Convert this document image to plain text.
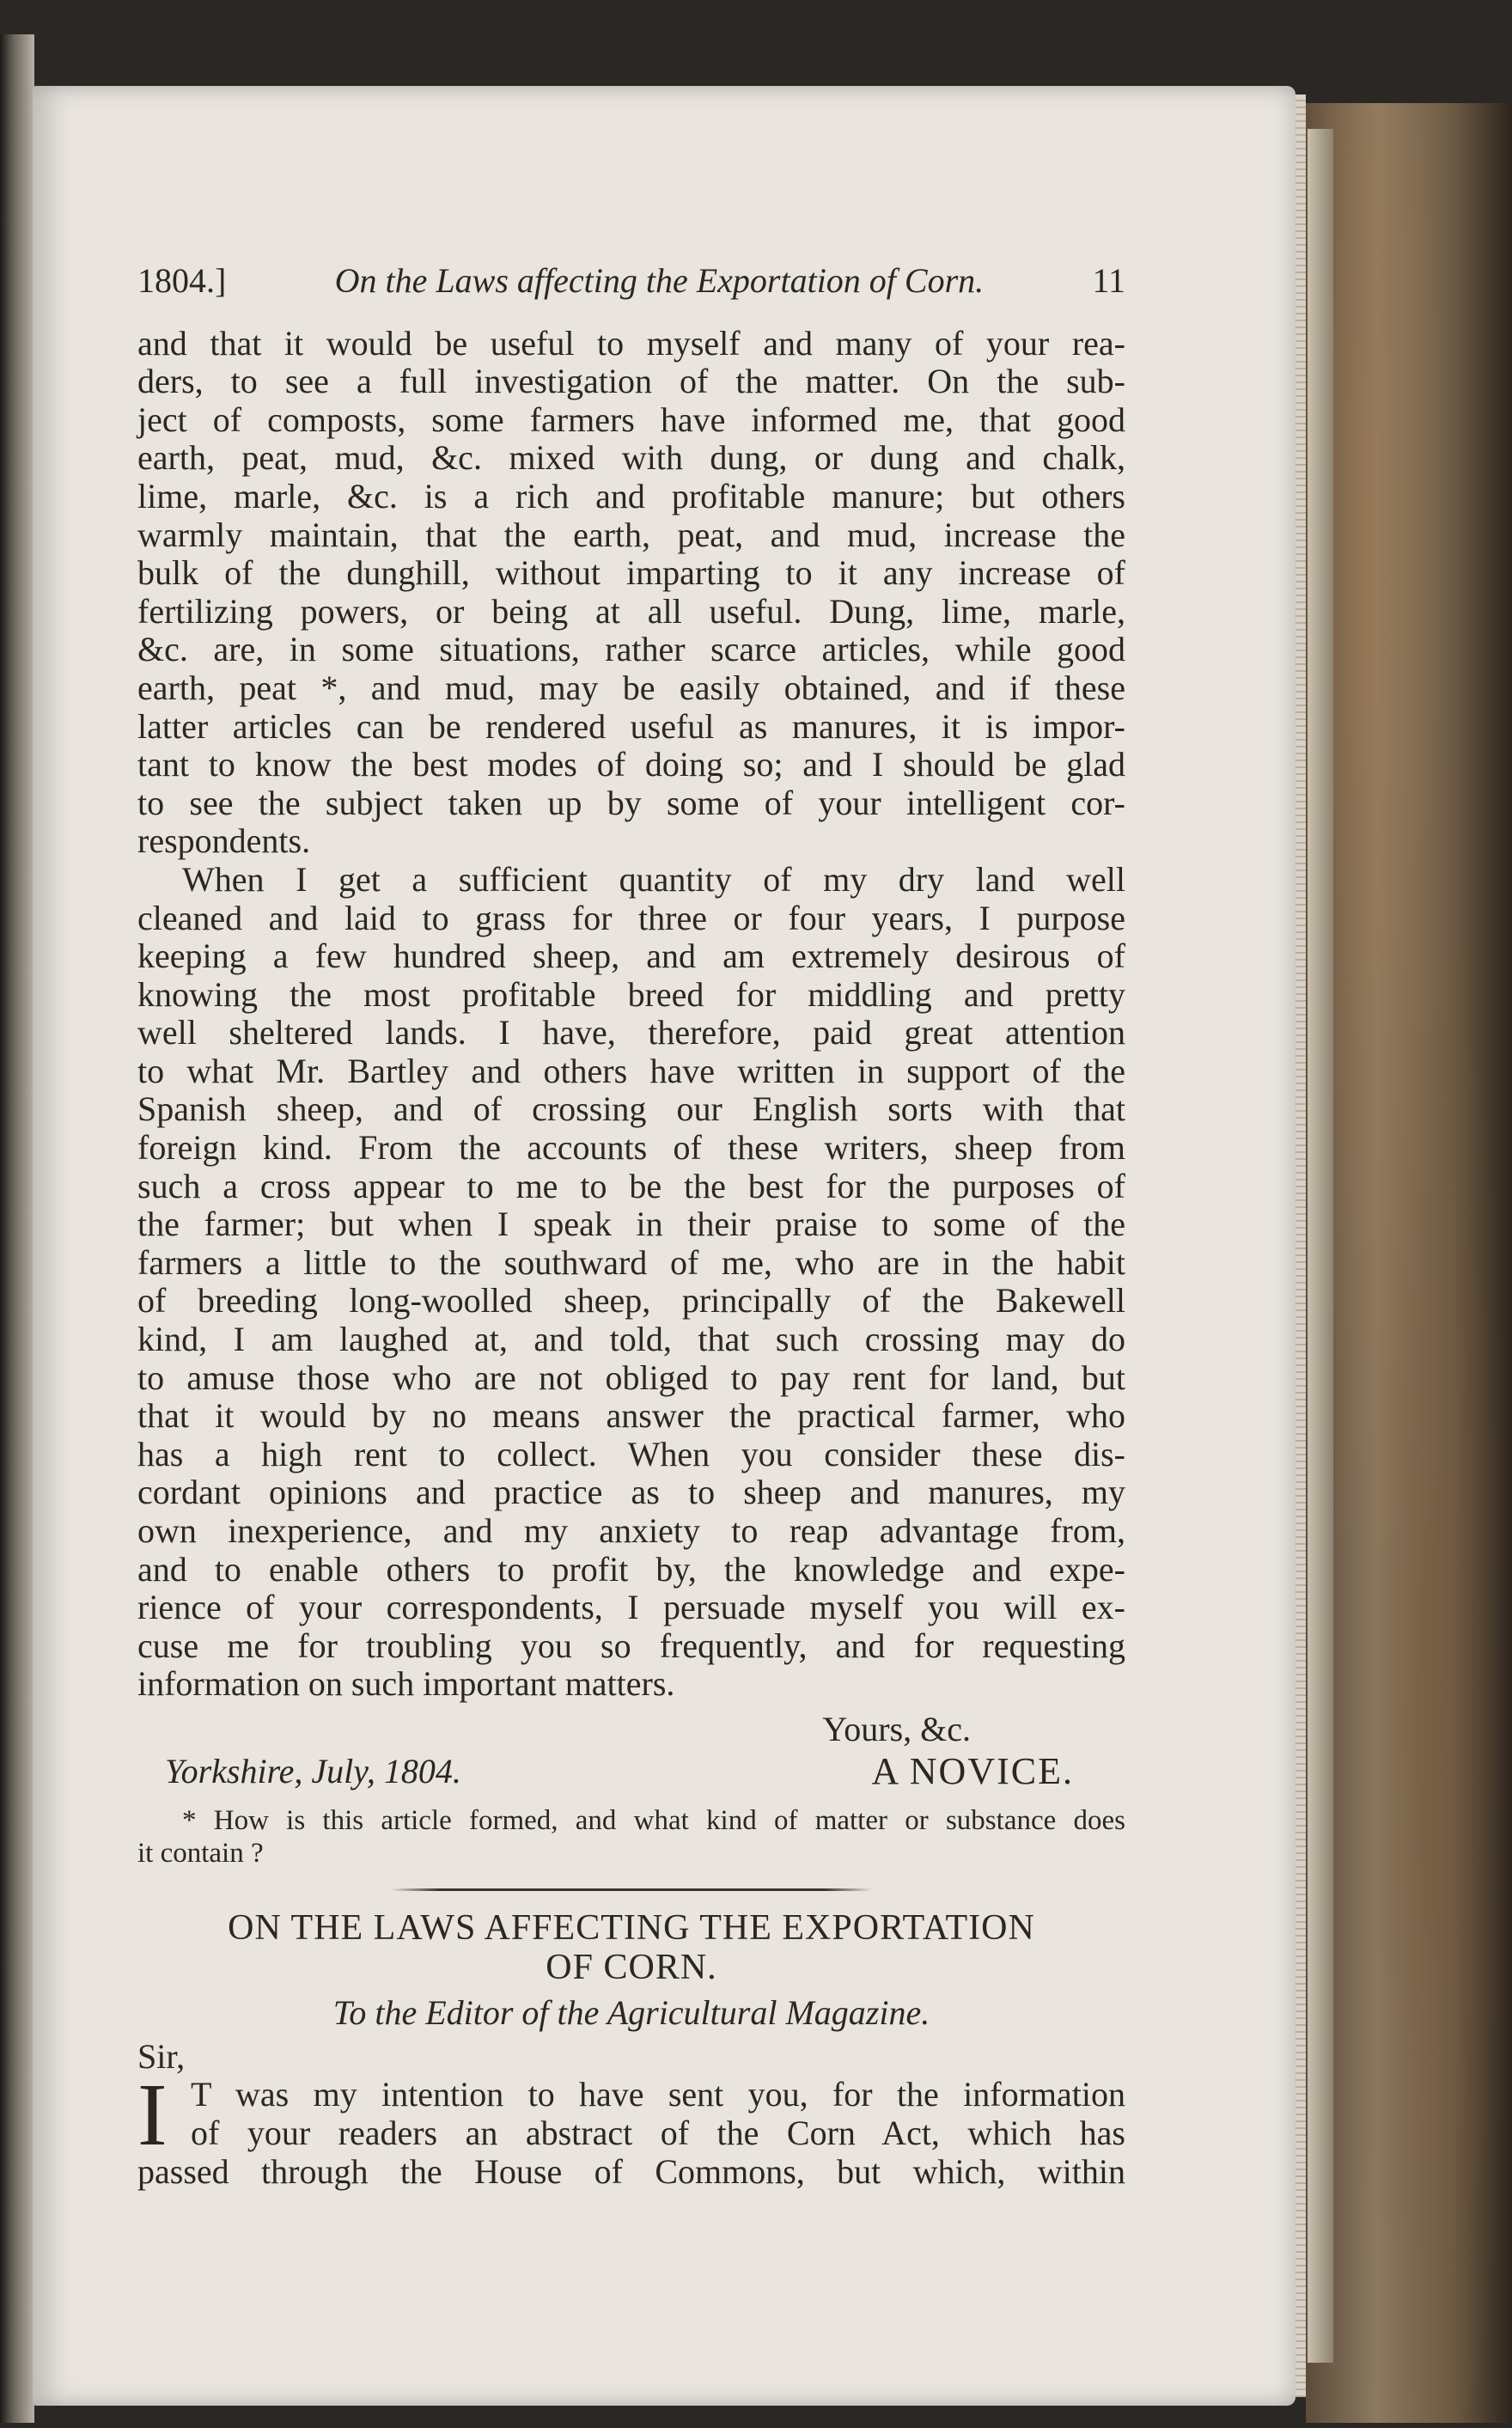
1804.]	On the Laws affecting the Exportation of Corn.	11
and that it would be useful to myself and many of your rea-
ders, to see a full investigation of the matter. On the sub-
ject of composts, some farmers have informed me, that good
earth, peat, mud, &c. mixed with dung, or dung and chalk,
lime, marle, &c. is a rich and profitable manure; but others
warmly maintain, that the earth, peat, and mud, increase the
bulk of the dunghill, without imparting to it any increase of
fertilizing powers, or being at all useful. Dung, lime, marle,
&c. are, in some situations, rather scarce articles, while good
earth, peat *, and mud, may be easily obtained, and if these
latter articles can be rendered useful as manures, it is impor-
tant to know the best modes of doing so; and I should be glad
to see the subject taken up by some of your intelligent cor-
respondents.
When I get a sufficient quantity of my dry land well
cleaned and laid to grass for three or four years, I purpose
keeping a few hundred sheep, and am extremely desirous of
knowing the most profitable breed for middling and pretty
well sheltered lands. I have, therefore, paid great attention
to what Mr. Bartley and others have written in support of the
Spanish sheep, and of crossing our English sorts with that
foreign kind. From the accounts of these writers, sheep from
such a cross appear to me to be the best for the purposes of
the farmer; but when I speak in their praise to some of the
farmers a little to the southward of me, who are in the habit
of breeding long-woolled sheep, principally of the Bakewell
kind, I am laughed at, and told, that such crossing may do
to amuse those who are not obliged to pay rent for land, but
that it would by no means answer the practical farmer, who
has a high rent to collect. When you consider these dis-
cordant opinions and practice as to sheep and manures, my
own inexperience, and my anxiety to reap advantage from,
and to enable others to profit by, the knowledge and expe-
rience of your correspondents, I persuade myself you will ex-
cuse me for troubling you so frequently, and for requesting
information on such important matters.
Yours, &c.
Yorkshire, July, 1804.	A NOVICE.
* How is this article formed, and what kind of matter or substance does
it contain ?
ON THE LAWS AFFECTING THE EXPORTATION
OF CORN.
To the Editor of the Agricultural Magazine.
Sir,
I T was my intention to have sent you, for the information
of your readers an abstract of the Corn Act, which has
passed through the House of Commons, but which, within
